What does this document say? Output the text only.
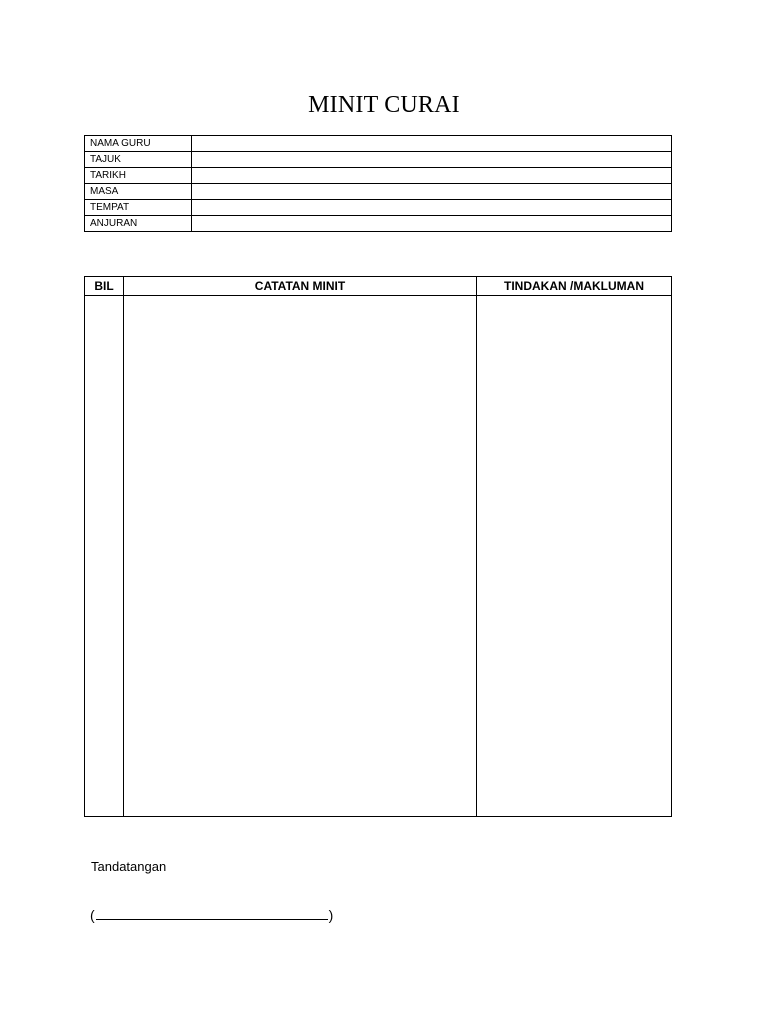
MINIT CURAI
NAMA GURU	
TAJUK	
TARIKH	
MASA	
TEMPAT	
ANJURAN	
BIL	CATATAN MINIT	TINDAKAN /MAKLUMAN

Tandatangan
(	)
